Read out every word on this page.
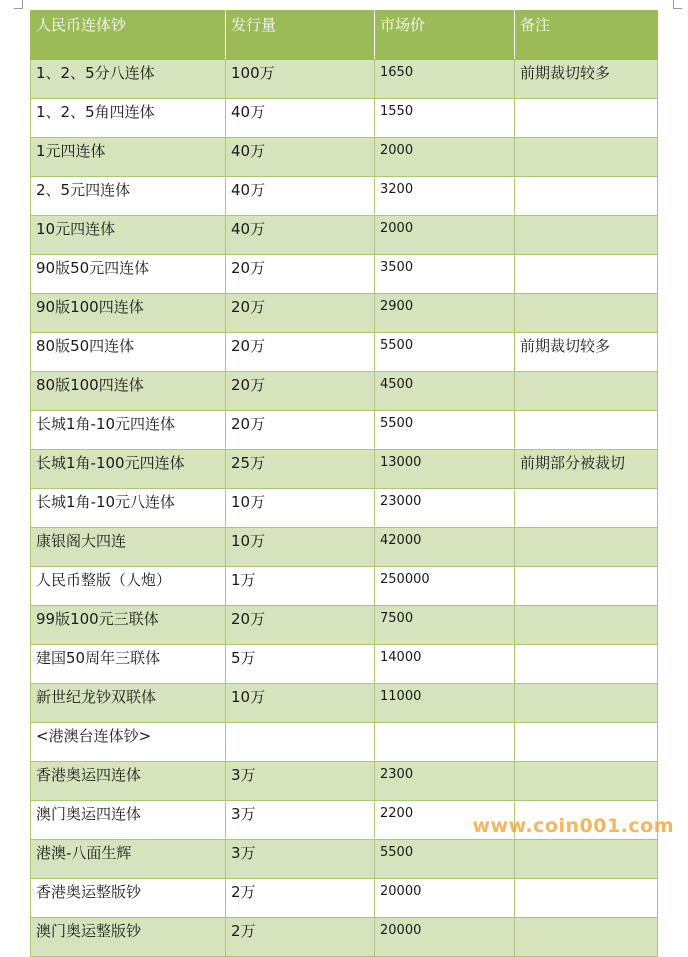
人民币连体钞	发行量	市场价	备注
1、2、5分八连体	100万	1650	前期裁切较多
1、2、5角四连体	40万	1550	
1元四连体	40万	2000	
2、5元四连体	40万	3200	
10元四连体	40万	2000	
90版50元四连体	20万	3500	
90版100四连体	20万	2900	
80版50四连体	20万	5500	前期裁切较多
80版100四连体	20万	4500	
长城1角-10元四连体	20万	5500	
长城1角-100元四连体	25万	13000	前期部分被裁切
长城1角-10元八连体	10万	23000	
康银阁大四连	10万	42000	
人民币整版（人炮）	1万	250000	
99版100元三联体	20万	7500	
建国50周年三联体	5万	14000	
新世纪龙钞双联体	10万	11000	
<港澳台连体钞>			
香港奥运四连体	3万	2300	
澳门奥运四连体	3万	2200	
港澳-八面生辉	3万	5500	
香港奥运整版钞	2万	20000	
澳门奥运整版钞	2万	20000	
www.coin001.com
